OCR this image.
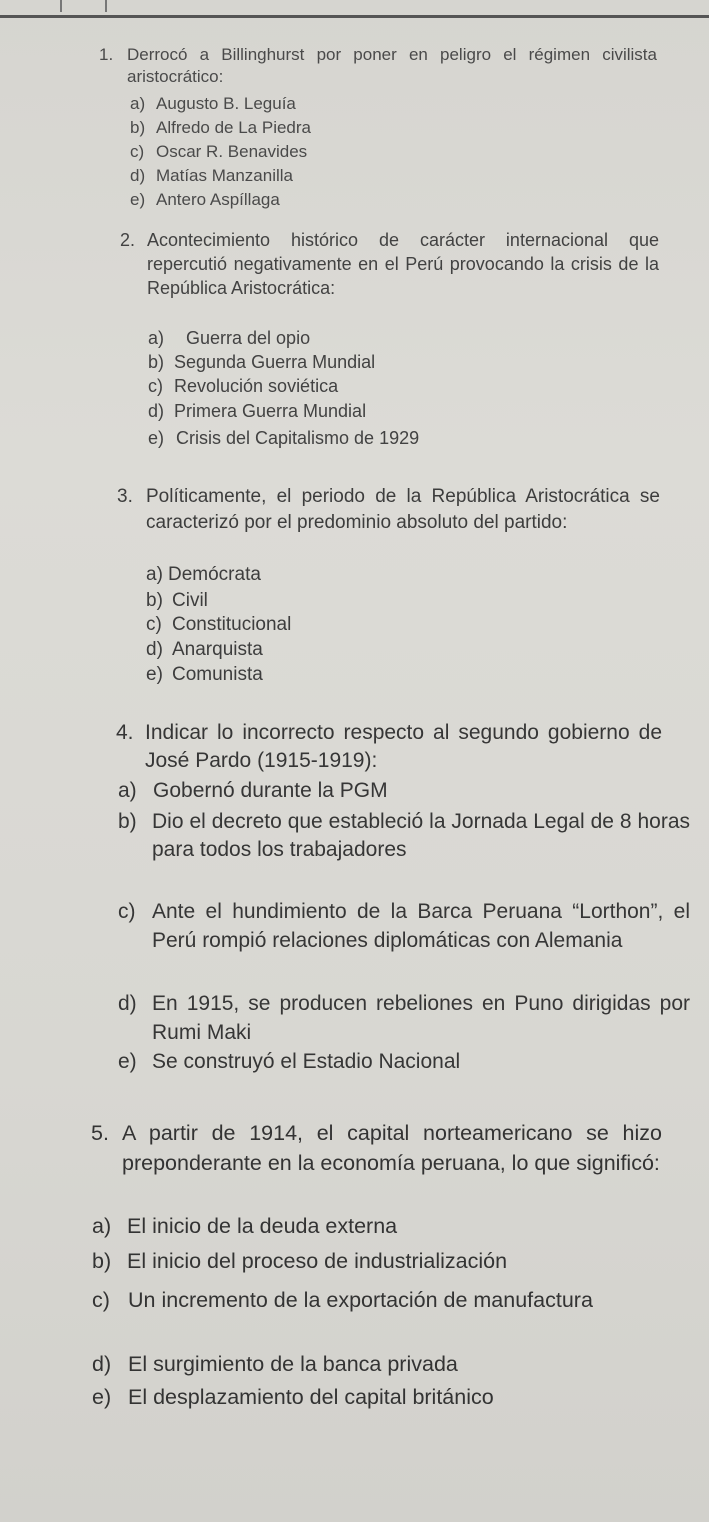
1. Derrocó a Billinghurst por poner en peligro el régimen civilista aristocrático:

a) Augusto B. Leguía
b) Alfredo de La Piedra
c) Oscar R. Benavides
d) Matías Manzanilla
e) Antero Aspíllaga

2. Acontecimiento histórico de carácter internacional que repercutió negativamente en el Perú provocando la crisis de la República Aristocrática:

a) Guerra del opio
b) Segunda Guerra Mundial
c) Revolución soviética
d) Primera Guerra Mundial
e) Crisis del Capitalismo de 1929

3. Políticamente, el periodo de la República Aristocrática se caracterizó por el predominio absoluto del partido:

a) Demócrata
b) Civil
c) Constitucional
d) Anarquista
e) Comunista

4. Indicar lo incorrecto respecto al segundo gobierno de José Pardo (1915-1919):

a) Gobernó durante la PGM
b) Dio el decreto que estableció la Jornada Legal de 8 horas para todos los trabajadores
c) Ante el hundimiento de la Barca Peruana “Lorthon”, el Perú rompió relaciones diplomáticas con Alemania
d) En 1915, se producen rebeliones en Puno dirigidas por Rumi Maki
e) Se construyó el Estadio Nacional

5. A partir de 1914, el capital norteamericano se hizo preponderante en la economía peruana, lo que significó:

a) El inicio de la deuda externa
b) El inicio del proceso de industrialización
c) Un incremento de la exportación de manufactura
d) El surgimiento de la banca privada
e) El desplazamiento del capital británico
